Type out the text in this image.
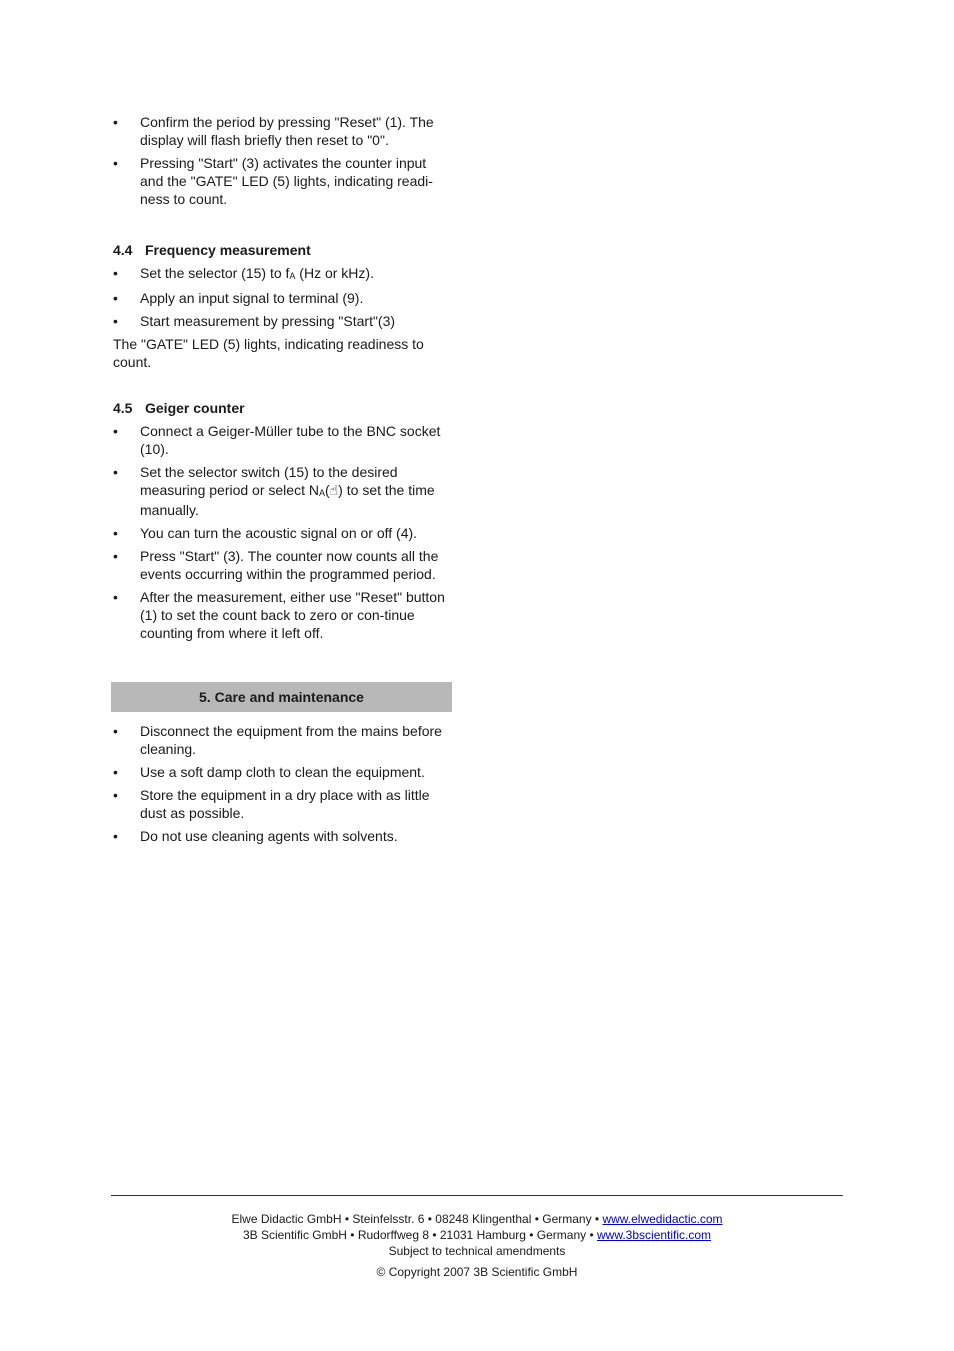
•	Confirm the period by pressing "Reset" (1). The display will flash briefly then reset to "0".
•	Pressing "Start" (3) activates the counter input and the "GATE" LED (5) lights, indicating readi-ness to count.
4.4 Frequency measurement
•	Set the selector (15) to $f_A$ (Hz or kHz).
•	Apply an input signal to terminal (9).
•	Start measurement by pressing "Start"(3)

The "GATE" LED (5) lights, indicating readiness to count.

4.5 Geiger counter
•	Connect a Geiger-Müller tube to the BNC socket (10).
•	Set the selector switch (15) to the desired measuring period or select $N_A(☝)$ to set the time manually.
•	You can turn the acoustic signal on or off (4).
•	Press "Start" (3). The counter now counts all the events occurring within the programmed period.
•	After the measurement, either use "Reset" button (1) to set the count back to zero or con-tinue counting from where it left off.
5. Care and maintenance
•	Disconnect the equipment from the mains before cleaning.
•	Use a soft damp cloth to clean the equipment.
•	Store the equipment in a dry place with as little dust as possible.
•	Do not use cleaning agents with solvents.
Elwe Didactic GmbH • Steinfelsstr. 6 • 08248 Klingenthal • Germany • www.elwedidactic.com
3B Scientific GmbH • Rudorffweg 8 • 21031 Hamburg • Germany • www.3bscientific.com
Subject to technical amendments
© Copyright 2007 3B Scientific GmbH
